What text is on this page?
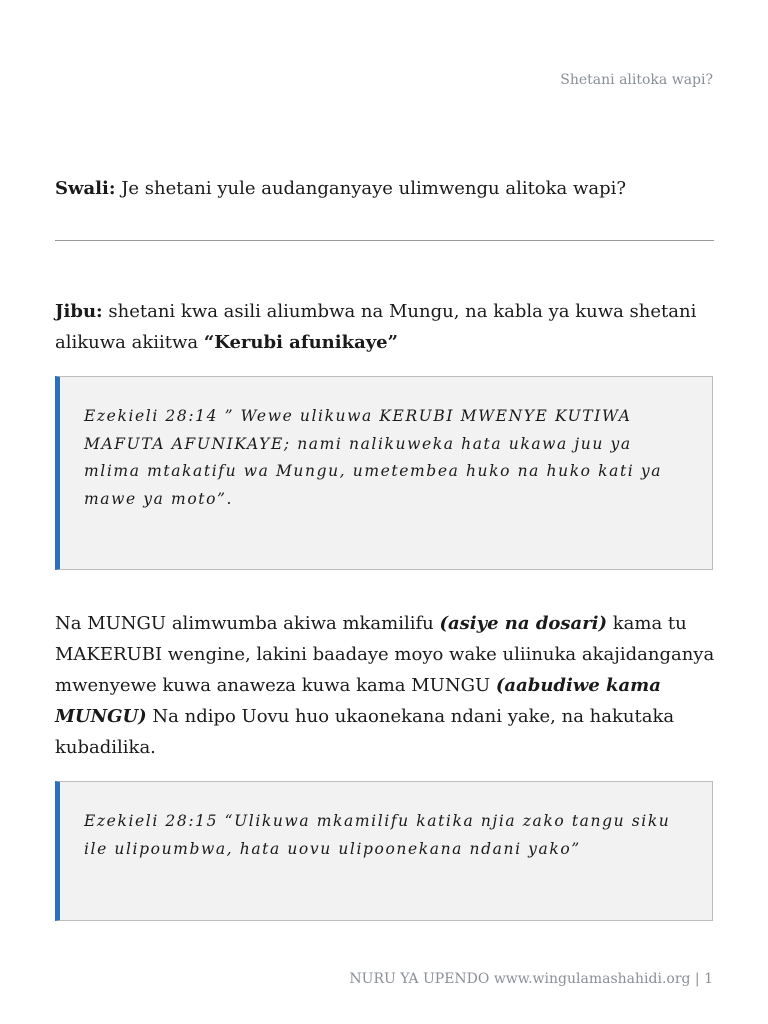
Shetani alitoka wapi?
Swali: Je shetani yule audanganyaye ulimwengu alitoka wapi?
Jibu: shetani kwa asili aliumbwa na Mungu, na kabla ya kuwa shetani alikuwa akiitwa “Kerubi afunikaye”
Ezekieli 28:14 ” Wewe ulikuwa KERUBI MWENYE KUTIWA MAFUTA AFUNIKAYE; nami nalikuweka hata ukawa juu ya mlima mtakatifu wa Mungu, umetembea huko na huko kati ya mawe ya moto”.
Na MUNGU alimwumba akiwa mkamilifu (asiye na dosari) kama tu MAKERUBI wengine, lakini baadaye moyo wake uliinuka akajidanganya mwenyewe kuwa anaweza kuwa kama MUNGU (aabudiwe kama MUNGU) Na ndipo Uovu huo ukaonekana ndani yake, na hakutaka kubadilika.
Ezekieli 28:15 “Ulikuwa mkamilifu katika njia zako tangu siku ile ulipoumbwa, hata uovu ulipoonekana ndani yako”
NURU YA UPENDO www.wingulamashahidi.org | 1
